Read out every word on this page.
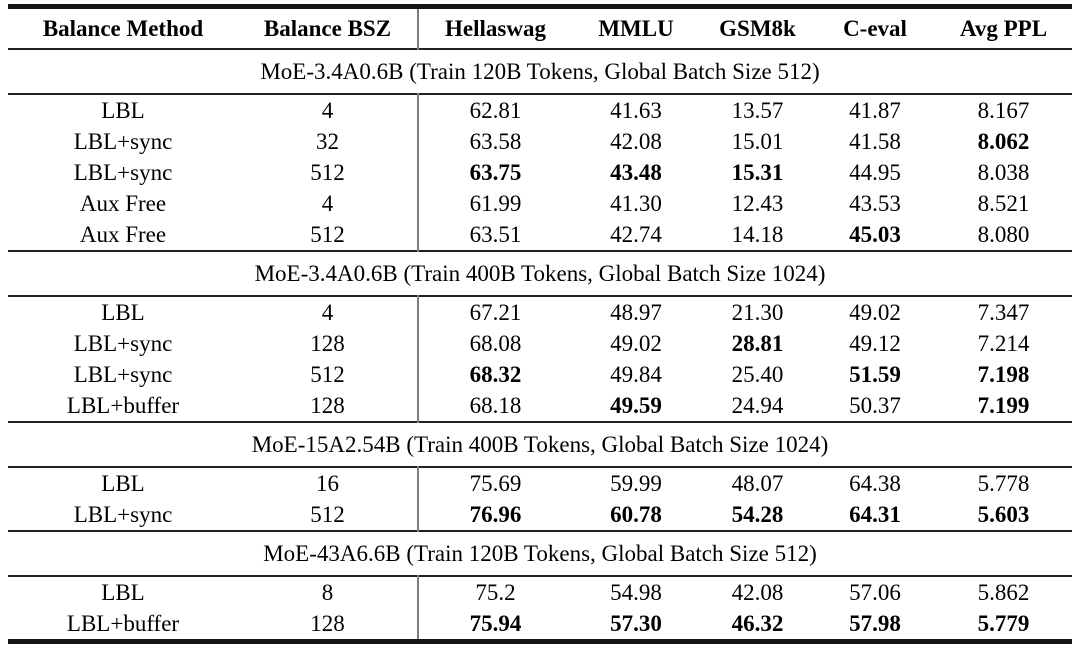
Balance Method	Balance BSZ	Hellaswag	MMLU	GSM8k	C-eval	Avg PPL
MoE-3.4A0.6B (Train 120B Tokens, Global Batch Size 512)						
LBL	4	62.81	41.63	13.57	41.87	8.167
LBL+sync	32	63.58	42.08	15.01	41.58	8.062
LBL+sync	512	63.75	43.48	15.31	44.95	8.038
Aux Free	4	61.99	41.30	12.43	43.53	8.521
Aux Free	512	63.51	42.74	14.18	45.03	8.080
MoE-3.4A0.6B (Train 400B Tokens, Global Batch Size 1024)						
LBL	4	67.21	48.97	21.30	49.02	7.347
LBL+sync	128	68.08	49.02	28.81	49.12	7.214
LBL+sync	512	68.32	49.84	25.40	51.59	7.198
LBL+buffer	128	68.18	49.59	24.94	50.37	7.199
MoE-15A2.54B (Train 400B Tokens, Global Batch Size 1024)						
LBL	16	75.69	59.99	48.07	64.38	5.778
LBL+sync	512	76.96	60.78	54.28	64.31	5.603
MoE-43A6.6B (Train 120B Tokens, Global Batch Size 512)						
LBL	8	75.2	54.98	42.08	57.06	5.862
LBL+buffer	128	75.94	57.30	46.32	57.98	5.779
